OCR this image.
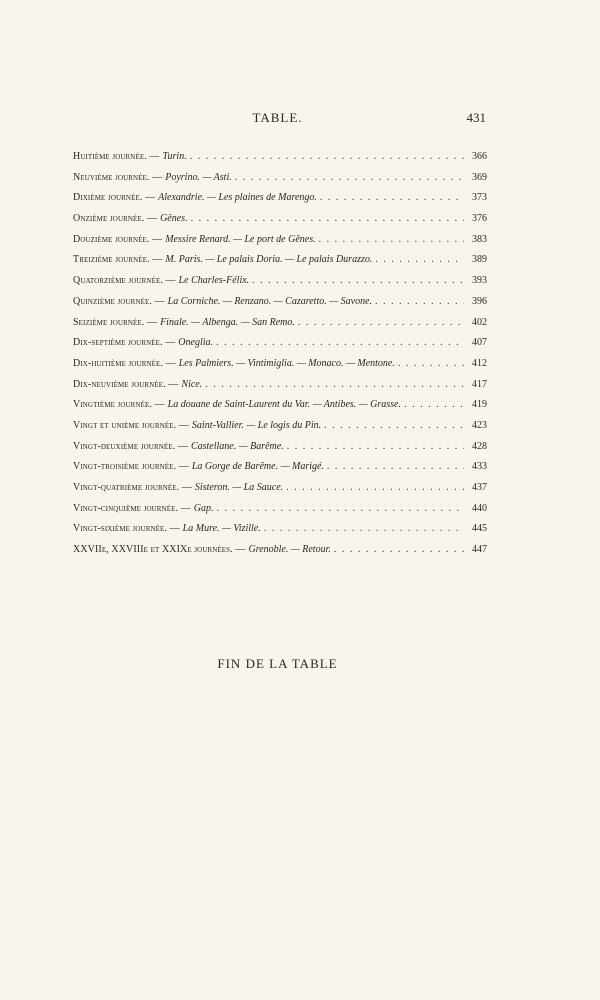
TABLE.	431
Huitième journée. — Turin. . . .	366
Neuvième journée. — Poyrino. — Asti. . . .	369
Dixième journée. — Alexandrie. — Les plaines de Marengo. . . .	373
Onzième journée. — Gênes. . . .	376
Douzième journée. — Messire Renard. — Le port de Gênes. . . .	383
Treizième journée. — M. Paris. — Le palais Doria. — Le palais Durazzo. . . .	389
Quatorzième journée. — Le Charles-Félix. . . .	393
Quinzième journée. — La Corniche. — Renzano. — Cazaretto. — Savone. . . .	396
Seizième journée. — Finale. — Albenga. — San Remo. . . .	402
Dix-septième journée. — Oneglia. . . .	407
Dix-huitième journée. — Les Palmiers. — Vintimiglia. — Monaco. — Mentone. . . .	412
Dix-neuvième journée. — Nice. . . .	417
Vingtième journée. — La douane de Saint-Laurent du Var. — Antibes. — Grasse. . . .	419
Vingt et unième journée. — Saint-Vallier. — Le logis du Pin. . . .	423
Vingt-deuxième journée. — Castellane. — Barême. . . .	428
Vingt-troisième journée. — La Gorge de Barême. — Marigé. . . .	433
Vingt-quatrième journée. — Sisteron. — La Sauce. . . .	437
Vingt-cinquième journée. — Gap. . . .	440
Vingt-sixième journée. — La Mure. — Vizille. . . .	445
XXVIIe, XXVIIIe et XXIXe journées. — Grenoble. — Retour. . . .	447
FIN DE LA TABLE
